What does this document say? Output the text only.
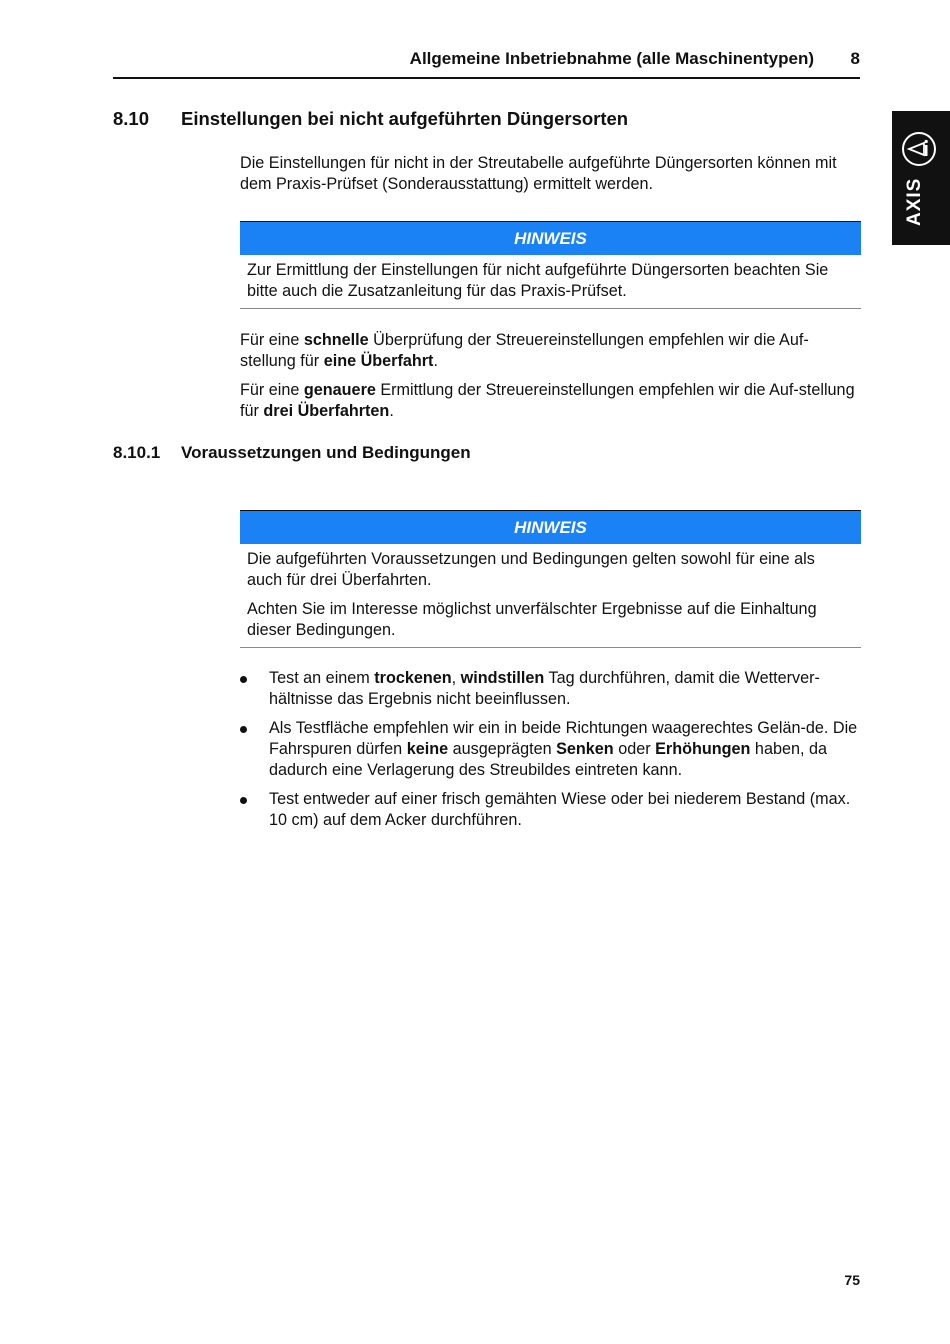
Allgemeine Inbetriebnahme (alle Maschinentypen) 8
AXIS
8.10 Einstellungen bei nicht aufgeführten Düngersorten

Die Einstellungen für nicht in der Streutabelle aufgeführte Düngersorten können mit dem Praxis-Prüfset (Sonderausstattung) ermittelt werden.

HINWEIS

Zur Ermittlung der Einstellungen für nicht aufgeführte Düngersorten beachten Sie bitte auch die Zusatzanleitung für das Praxis-Prüfset.

Für eine schnelle Überprüfung der Streuereinstellungen empfehlen wir die Auf-stellung für eine Überfahrt.

Für eine genauere Ermittlung der Streuereinstellungen empfehlen wir die Auf-stellung für drei Überfahrten.

8.10.1 Voraussetzungen und Bedingungen
HINWEIS

Die aufgeführten Voraussetzungen und Bedingungen gelten sowohl für eine als auch für drei Überfahrten.

Achten Sie im Interesse möglichst unverfälschter Ergebnisse auf die Einhaltung dieser Bedingungen.

Test an einem trockenen, windstillen Tag durchführen, damit die Wetterver-hältnisse das Ergebnis nicht beeinflussen.
Als Testfläche empfehlen wir ein in beide Richtungen waagerechtes Gelän-de. Die Fahrspuren dürfen keine ausgeprägten Senken oder Erhöhungen haben, da dadurch eine Verlagerung des Streubildes eintreten kann.
Test entweder auf einer frisch gemähten Wiese oder bei niederem Bestand (max. 10 cm) auf dem Acker durchführen.
75
